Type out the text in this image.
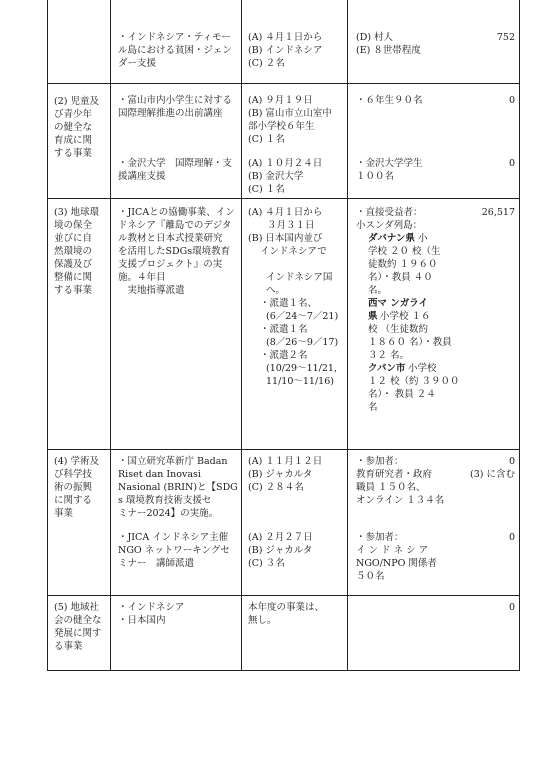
・インドネシア・ティモー
ル島における貧困・ジェン
ダー支援
(A) ４月１日から
(B) インドネシア
(C) ２名
(D) 村人
(E) ８世帯程度
752
(2) 児童及
び青少年
の健全な
育成に関
する事業
・富山市内小学生に対する
国際理解推進の出前講座
(A) ９月１９日
(B) 富山市立山室中
部小学校６年生
(C) １名
・６年生９０名	0
・金沢大学　国際理解・支
援講座支援
(A) １０月２４日
(B) 金沢大学
(C) １名
・金沢大学学生
１００名
0
(3) 地球環
境の保全
並びに自
然環境の
保護及び
整備に関
する事業
・JICAとの協働事業、イン
ドネシア『離島でのデジタ
ル教材と日本式授業研究
を活用したSDGs環境教育
支援プロジェクト』の実
施。４年目
　実地指導派遣
(A) ４月１日から
　　３月３１日
(B) 日本国内並び
インドネシアで
インドネシア国
へ。
・派遣１名、
(6／24〜7／21)
・派遣１名
(8／26〜9／17)
・派遣２名
(10/29〜11/21,
11/10〜11/16)
26,517
・直接受益者：
小スンダ列島：
ダバナン県 小
学校 ２０ 校（生
徒数約 １９６０
名）・教員 ４０
名。
西マ ンガライ
県 小学校 １６
校 （生徒数約
１８６０ 名）・教員
３２ 名。
クパン市 小学校
１２ 校（約 ３９００
名）・ 教員 ２４
名
(4) 学術及
び科学技
術の振興
に関する
事業
・国立研究革新庁 Badan
Riset dan Inovasi
Nasional (BRIN)と【SDG
s 環境教育技術支援セ
ミナー2024】の実施。
(A) １１月１２日
(B) ジャカルタ
(C) ２８４名
・参加者：
教育研究者・政府
職員 １５０名、
オンライン １３４名
0
(3) に含む
・JICA インドネシア主催
NGO ネットワーキングセ
ミナー　講師派遣
(A) ２月２７日
(B) ジャカルタ
(C) ３名
・参加者：
イ ン ド ネ シ ア
NGO/NPO 関係者
５０名
0
(5) 地域社
会の健全な
発展に関す
る事業
・インドネシア
・日本国内
本年度の事業は、
無し。
0
